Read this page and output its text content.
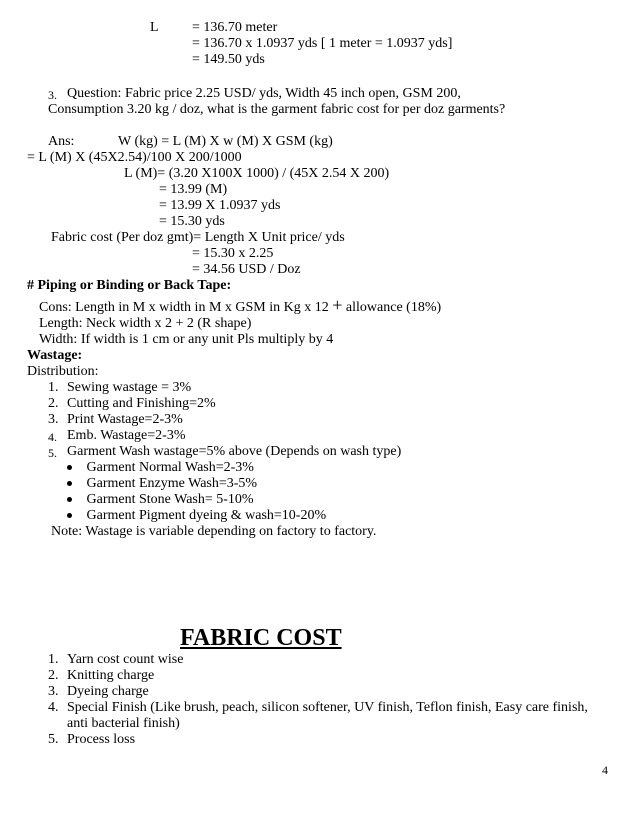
L = 136.70 meter
= 136.70 x 1.0937 yds [ 1 meter = 1.0937 yds]
= 149.50 yds
3. Question: Fabric price 2.25 USD/ yds, Width 45 inch open, GSM 200,
Consumption 3.20 kg / doz, what is the garment fabric cost for per doz garments?
Ans:	W (kg) = L (M) X w (M) X GSM (kg)
= L (M) X (45X2.54)/100 X 200/1000
L (M)= (3.20 X100X 1000) / (45X 2.54 X 200)
= 13.99 (M)
= 13.99 X 1.0937 yds
= 15.30 yds
Fabric cost (Per doz gmt)= Length X Unit price/ yds
= 15.30 x 2.25
= 34.56 USD / Doz
# Piping or Binding or Back Tape:
Cons: Length in M x width in M x GSM in Kg x 12 + allowance (18%)
Length: Neck width x 2 + 2 (R shape)
Width: If width is 1 cm or any unit Pls multiply by 4
Wastage:
Distribution:
1. Sewing wastage = 3%
2. Cutting and Finishing=2%
3. Print Wastage=2-3%
4. Emb. Wastage=2-3%
5. Garment Wash wastage=5% above (Depends on wash type)
Garment Normal Wash=2-3%
Garment Enzyme Wash=3-5%
Garment Stone Wash= 5-10%
Garment Pigment dyeing & wash=10-20%
Note: Wastage is variable depending on factory to factory.
FABRIC COST
1. Yarn cost count wise
2. Knitting charge
3. Dyeing charge
4. Special Finish (Like brush, peach, silicon softener, UV finish, Teflon finish, Easy care finish,
anti bacterial finish)
5. Process loss
4
